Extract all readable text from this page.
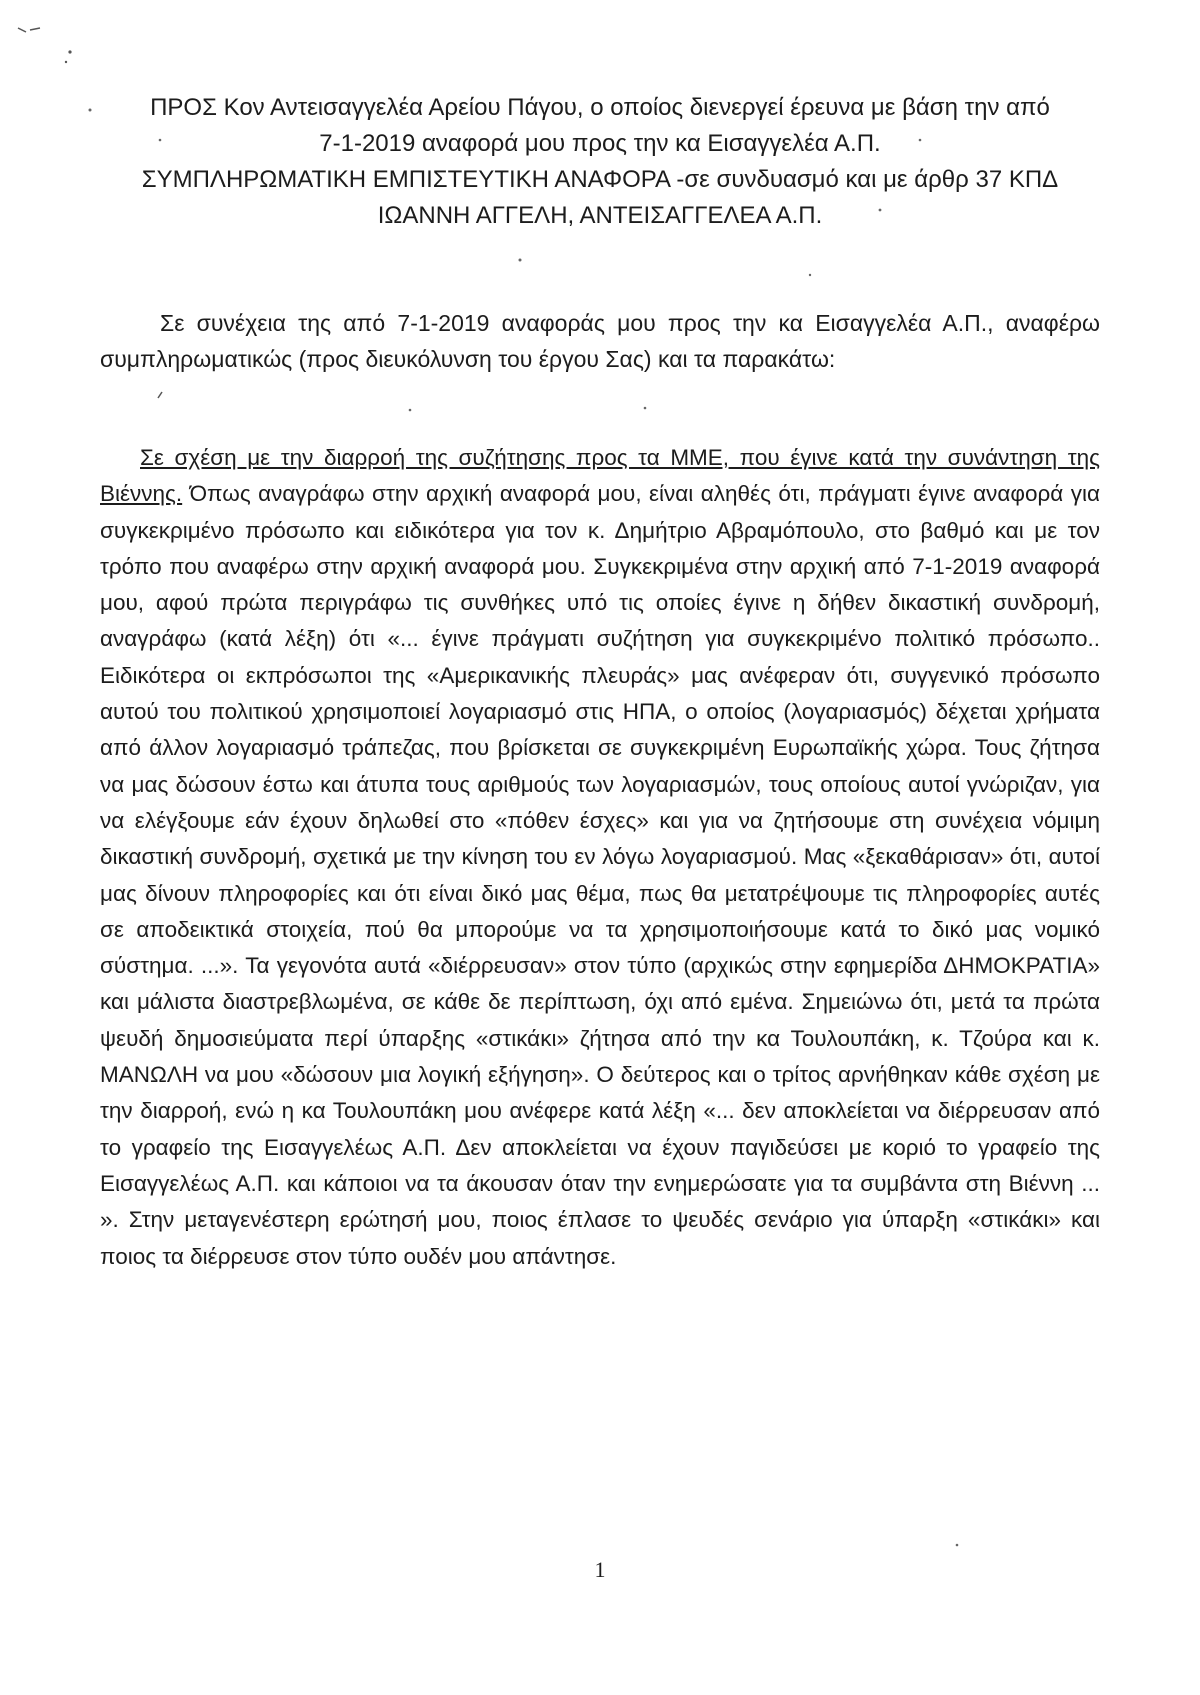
ΠΡΟΣ Κον Αντεισαγγελέα Αρείου Πάγου, ο οποίος διενεργεί έρευνα με βάση την από
7-1-2019 αναφορά μου προς την κα Εισαγγελέα Α.Π.
ΣΥΜΠΛΗΡΩΜΑΤΙΚΗ ΕΜΠΙΣΤΕΥΤΙΚΗ ΑΝΑΦΟΡΑ -σε συνδυασμό και με άρθρ 37 ΚΠΔ
ΙΩΑΝΝΗ ΑΓΓΕΛΗ, ΑΝΤΕΙΣΑΓΓΕΛΕΑ Α.Π.
Σε συνέχεια της από 7-1-2019 αναφοράς μου προς την κα Εισαγγελέα Α.Π., αναφέρω συμπληρωματικώς (προς διευκόλυνση του έργου Σας) και τα παρακάτω:
Σε σχέση με την διαρροή της συζήτησης προς τα ΜΜΕ, που έγινε κατά την συνάντηση της Βιέννης. Όπως αναγράφω στην αρχική αναφορά μου, είναι αληθές ότι, πράγματι έγινε αναφορά για συγκεκριμένο πρόσωπο και ειδικότερα για τον κ. Δημήτριο Αβραμόπουλο, στο βαθμό και με τον τρόπο που αναφέρω στην αρχική αναφορά μου. Συγκεκριμένα στην αρχική από 7-1-2019 αναφορά μου, αφού πρώτα περιγράφω τις συνθήκες υπό τις οποίες έγινε η δήθεν δικαστική συνδρομή, αναγράφω (κατά λέξη) ότι «... έγινε πράγματι συζήτηση για συγκεκριμένο πολιτικό πρόσωπο.. Ειδικότερα οι εκπρόσωποι της «Αμερικανικής πλευράς» μας ανέφεραν ότι, συγγενικό πρόσωπο αυτού του πολιτικού χρησιμοποιεί λογαριασμό στις ΗΠΑ, ο οποίος (λογαριασμός) δέχεται χρήματα από άλλον λογαριασμό τράπεζας, που βρίσκεται σε συγκεκριμένη Ευρωπαϊκής χώρα. Τους ζήτησα να μας δώσουν έστω και άτυπα τους αριθμούς των λογαριασμών, τους οποίους αυτοί γνώριζαν, για να ελέγξουμε εάν έχουν δηλωθεί στο «πόθεν έσχες» και για να ζητήσουμε στη συνέχεια νόμιμη δικαστική συνδρομή, σχετικά με την κίνηση του εν λόγω λογαριασμού. Μας «ξεκαθάρισαν» ότι, αυτοί μας δίνουν πληροφορίες και ότι είναι δικό μας θέμα, πως θα μετατρέψουμε τις πληροφορίες αυτές σε αποδεικτικά στοιχεία, πού θα μπορούμε να τα χρησιμοποιήσουμε κατά το δικό μας νομικό σύστημα. ...». Τα γεγονότα αυτά «διέρρευσαν» στον τύπο (αρχικώς στην εφημερίδα ΔΗΜΟΚΡΑΤΙΑ» και μάλιστα διαστρεβλωμένα, σε κάθε δε περίπτωση, όχι από εμένα. Σημειώνω ότι, μετά τα πρώτα ψευδή δημοσιεύματα περί ύπαρξης «στικάκι» ζήτησα από την κα Τουλουπάκη, κ. Τζούρα και κ. ΜΑΝΩΛΗ να μου «δώσουν μια λογική εξήγηση». Ο δεύτερος και ο τρίτος αρνήθηκαν κάθε σχέση με την διαρροή, ενώ η κα Τουλουπάκη μου ανέφερε κατά λέξη «... δεν αποκλείεται να διέρρευσαν από το γραφείο της Εισαγγελέως Α.Π. Δεν αποκλείεται να έχουν παγιδεύσει με κοριό το γραφείο της Εισαγγελέως Α.Π. και κάποιοι να τα άκουσαν όταν την ενημερώσατε για τα συμβάντα στη Βιέννη ... ». Στην μεταγενέστερη ερώτησή μου, ποιος έπλασε το ψευδές σενάριο για ύπαρξη «στικάκι» και ποιος τα διέρρευσε στον τύπο ουδέν μου απάντησε.
1
